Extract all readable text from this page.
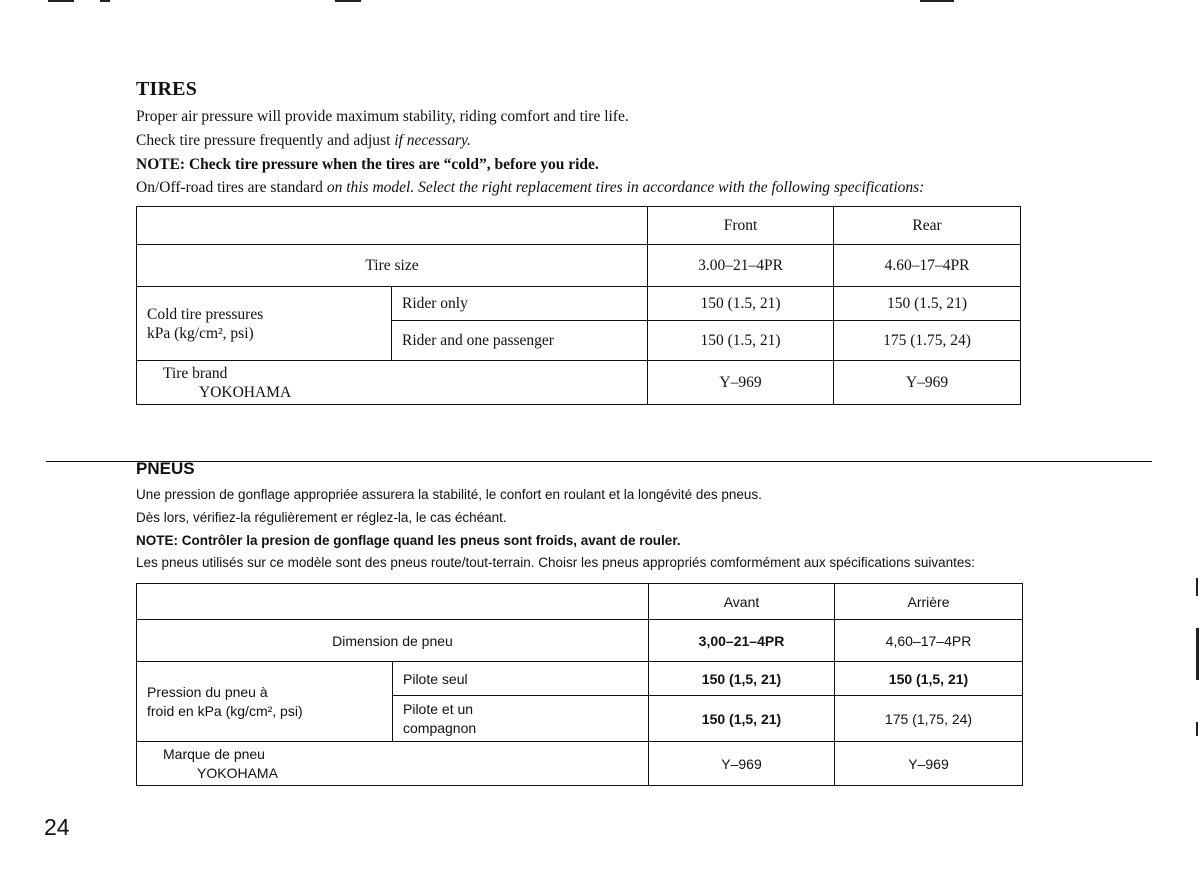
TIRES

Proper air pressure will provide maximum stability, riding comfort and tire life.

Check tire pressure frequently and adjust if necessary.

NOTE: Check tire pressure when the tires are “cold”, before you ride.

On/Off-road tires are standard on this model. Select the right replacement tires in accordance with the following specifications:

		Front	Rear
Tire size		3.00–21–4PR	4.60–17–4PR

Cold tire pressures
kPa (kg/cm², psi)	Rider only	150 (1.5, 21)	150 (1.5, 21)
	Rider and one passenger	150 (1.5, 21)	175 (1.75, 24)

Tire brand
YOKOHAMA		Y–969	Y–969
PNEUS

Une pression de gonflage appropriée assurera la stabilité, le confort en roulant et la longévité des pneus.

Dès lors, vérifiez-la régulièrement er réglez-la, le cas échéant.

NOTE: Contrôler la presion de gonflage quand les pneus sont froids, avant de rouler.

Les pneus utilisés sur ce modèle sont des pneus route/tout-terrain. Choisr les pneus appropriés comformément aux spécifications suivantes:

		Avant	Arrière
Dimension de pneu		3,00–21–4PR	4,60–17–4PR

Pression du pneu à
froid en kPa (kg/cm², psi)	Pilote seul	150 (1,5, 21)	150 (1,5, 21)

	Pilote et un
compagnon	150 (1,5, 21)	175 (1,75, 24)

Marque de pneu
YOKOHAMA		Y–969	Y–969
24
